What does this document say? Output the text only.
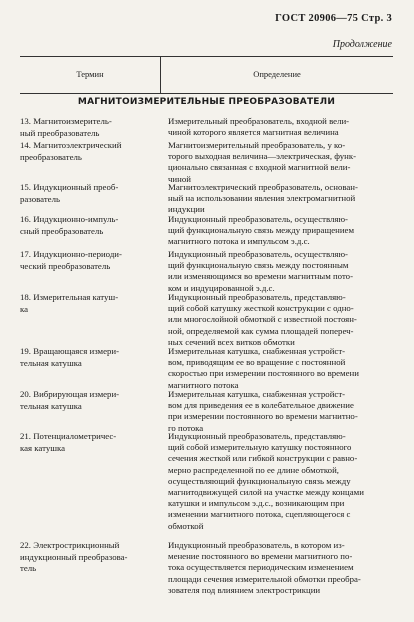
ГОСТ 20906—75 Стр. 3
Продолжение
Термин	Определение
МАГНИТОИЗМЕРИТЕЛЬНЫЕ ПРЕОБРАЗОВАТЕЛИ
13. Магнитоизмеритель-
ный преобразователь
Измерительный преобразователь, входной вели-
чиной которого является магнитная величина
14. Магнитоэлектрический
преобразователь
Магнитоизмерительный преобразователь, у ко-
торого выходная величина—электрическая, функ-
ционально связанная с входной магнитной вели-
чиной
15. Индукционный преоб-
разователь
Магнитоэлектрический преобразователь, основан-
ный на использовании явления электромагнитной
индукции
16. Индукционно-импуль-
сный преобразователь
Индукционный преобразователь, осуществляю-
щий функциональную связь между приращением
магнитного потока и импульсом э.д.с.
17. Индукционно-периоди-
ческий преобразователь
Индукционный преобразователь, осуществляю-
щий функциональную связь между постоянным
или изменяющимся во времени магнитным пото-
ком и индуцированной э.д.с.
18. Измерительная катуш-
ка
Индукционный преобразователь, представляю-
щий собой катушку жесткой конструкции с одно-
или многослойной обмоткой с известной постоян-
ной, определяемой как сумма площадей попереч-
ных сечений всех витков обмотки
19. Вращающаяся измери-
тельная катушка
Измерительная катушка, снабженная устройст-
вом, приводящим ее во вращение с постоянной
скоростью при измерении постоянного во времени
магнитного потока
20. Вибрирующая измери-
тельная катушка
Измерительная катушка, снабженная устройст-
вом для приведения ее в колебательное движение
при измерении постоянного во времени магнитно-
го потока
21. Потенциалометричес-
кая катушка
Индукционный преобразователь, представляю-
щий собой измерительную катушку постоянного
сечения жесткой или гибкой конструкции с равно-
мерно распределенной по ее длине обмоткой,
осуществляющий функциональную связь между
магнитодвижущей силой на участке между концами
катушки и импульсом э.д.с., возникающим при
изменении магнитного потока, сцепляющегося с
обмоткой
22. Электрострикционный
индукционный преобразова-
тель
Индукционный преобразователь, в котором из-
менение постоянного во времени магнитного по-
тока осуществляется периодическим изменением
площади сечения измерительной обмотки преобра-
зователя под влиянием электрострикции
